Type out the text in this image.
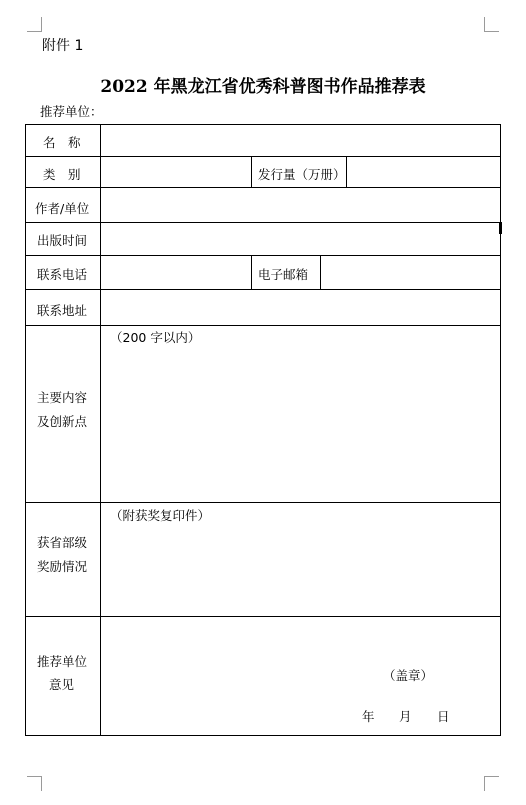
附件 1
2022 年黑龙江省优秀科普图书作品推荐表
推荐单位：
名　称
类　别	发行量（万册）
作者/单位
出版时间
联系电话	电子邮箱
联系地址
主要内容
及创新点
（200 字以内）
获省部级
奖励情况
（附获奖复印件）
推荐单位
意见
（盖章）
年 月 日
